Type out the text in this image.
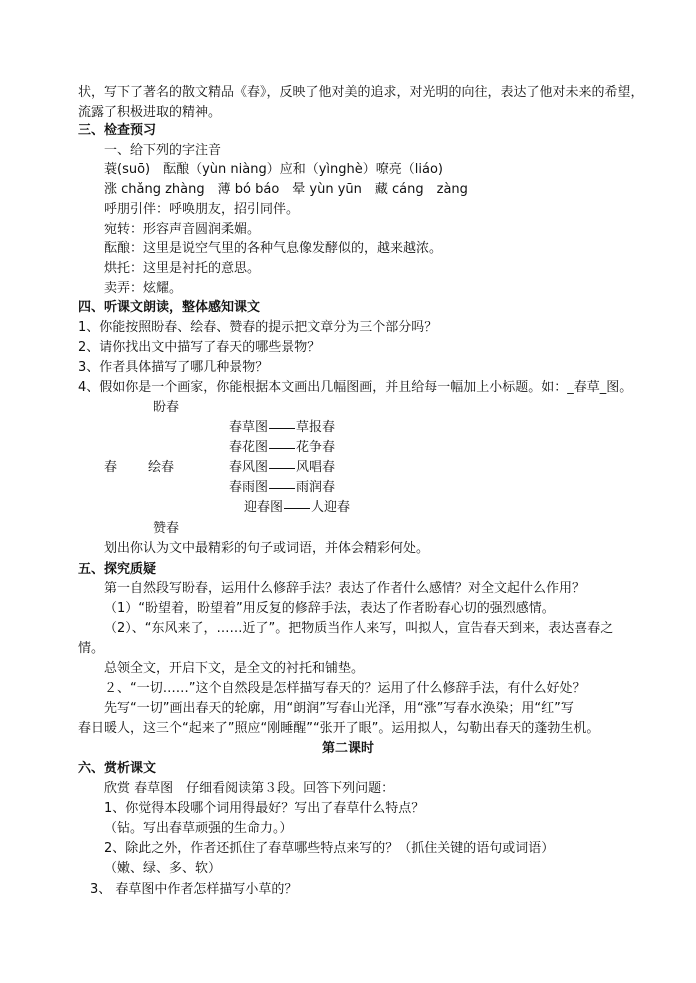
状，写下了著名的散文精品《春》，反映了他对美的追求，对光明的向往，表达了他对未来的希望，
流露了积极进取的精神。
三、检查预习
一、给下列的字注音
蓑(suō)　酝酿（yùn niàng）应和（yìnghè）嘹亮（liáo)
涨 chǎng zhàng　薄 bó báo　晕 yùn yūn　藏 cáng　zàng
呼朋引伴：呼唤朋友，招引同伴。
宛转：形容声音圆润柔媚。
酝酿：这里是说空气里的各种气息像发酵似的，越来越浓。
烘托：这里是衬托的意思。
卖弄：炫耀。
四、听课文朗读，整体感知课文
1、你能按照盼春、绘春、赞春的提示把文章分为三个部分吗？
2、请你找出文中描写了春天的哪些景物？
3、作者具体描写了哪几种景物？
4、假如你是一个画家，你能根据本文画出几幅图画，并且给每一幅加上小标题。如：_春草_图。
盼春
春草图 草报春
春花图 花争春
春 绘春	春风图 风唱春
春雨图 雨润春
迎春图 人迎春
赞春
划出你认为文中最精彩的句子或词语，并体会精彩何处。
五、探究质疑
第一自然段写盼春，运用什么修辞手法？表达了作者什么感情？对全文起什么作用？
（1）“盼望着，盼望着”用反复的修辞手法，表达了作者盼春心切的强烈感情。
（2）、“东风来了，……近了”。把物质当作人来写，叫拟人，宣告春天到来，表达喜春之
情。
总领全文，开启下文，是全文的衬托和铺垫。
２、“一切……”这个自然段是怎样描写春天的？运用了什么修辞手法，有什么好处？
先写“一切”画出春天的轮廓，用“朗润”写春山光泽，用“涨”写春水涣染；用“红”写
春日暖人，这三个“起来了”照应“刚睡醒”“张开了眼”。运用拟人，勾勒出春天的蓬勃生机。
第二课时
六、赏析课文
欣赏 春草图　仔细看阅读第３段。回答下列问题：
1、你觉得本段哪个词用得最好？写出了春草什么特点？
（钻。写出春草顽强的生命力。）
2、除此之外，作者还抓住了春草哪些特点来写的？（抓住关键的语句或词语）
（嫩、绿、多、软）
3、 春草图中作者怎样描写小草的？
